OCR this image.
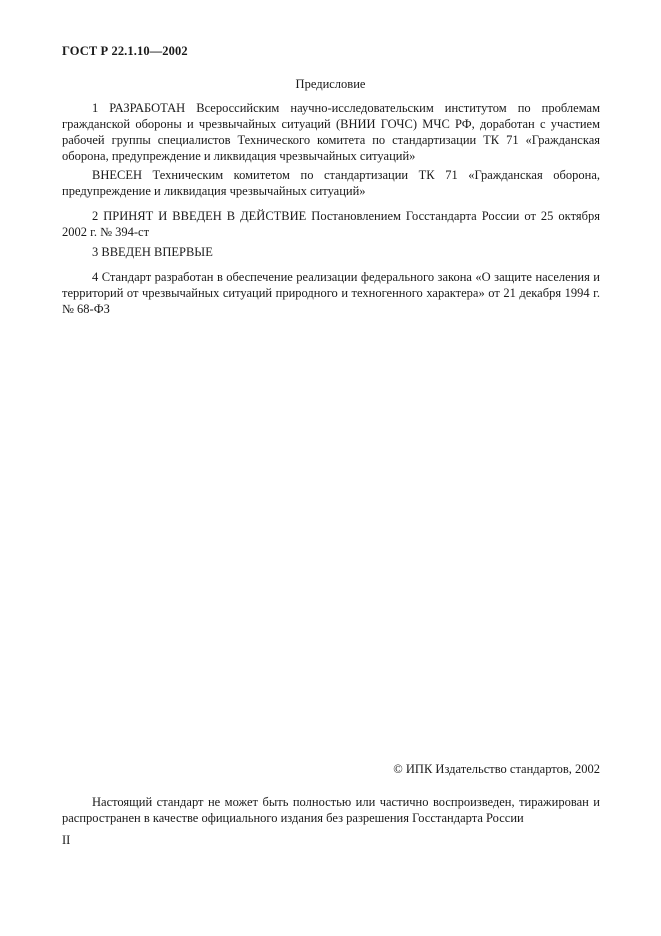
ГОСТ Р 22.1.10—2002
Предисловие

1 РАЗРАБОТАН Всероссийским научно-исследовательским институтом по проблемам гражданской обороны и чрезвычайных ситуаций (ВНИИ ГОЧС) МЧС РФ, доработан с участием рабочей группы специалистов Технического комитета по стандартизации ТК 71 «Гражданская оборона, предупреждение и ликвидация чрезвычайных ситуаций»

ВНЕСЕН Техническим комитетом по стандартизации ТК 71 «Гражданская оборона, предупреждение и ликвидация чрезвычайных ситуаций»

2 ПРИНЯТ И ВВЕДЕН В ДЕЙСТВИЕ Постановлением Госстандарта России от 25 октября 2002 г. № 394-ст

3 ВВЕДЕН ВПЕРВЫЕ

4 Стандарт разработан в обеспечение реализации федерального закона «О защите населения и территорий от чрезвычайных ситуаций природного и техногенного характера» от 21 декабря 1994 г. № 68-ФЗ

© ИПК Издательство стандартов, 2002

Настоящий стандарт не может быть полностью или частично воспроизведен, тиражирован и распространен в качестве официального издания без разрешения Госстандарта России

II
